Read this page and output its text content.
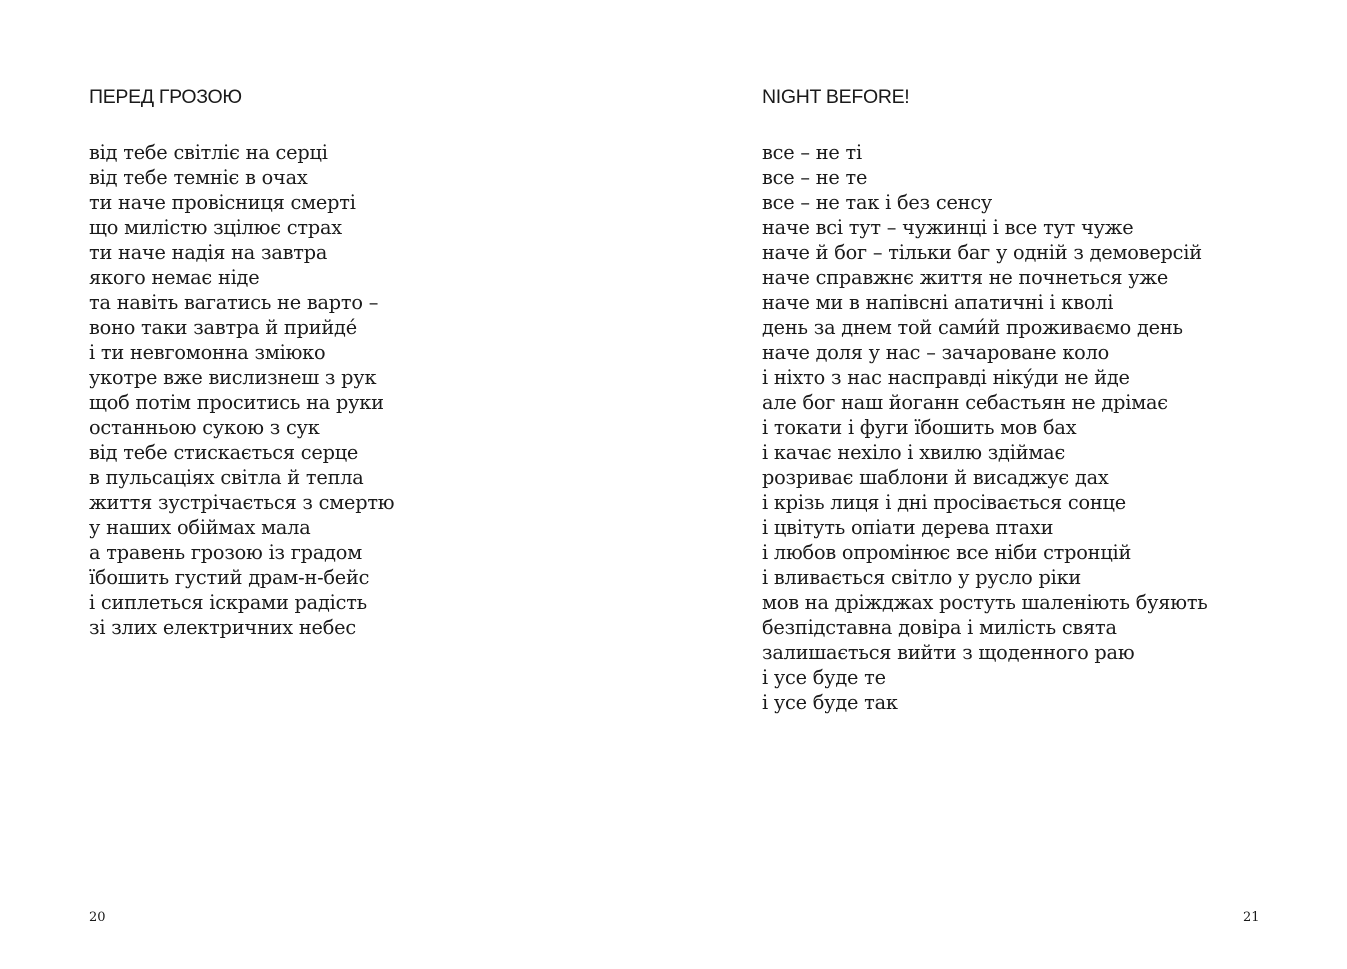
ПЕРЕД ГРОЗОЮ
від тебе світліє на серці
від тебе темніє в очах
ти наче провісниця смерті
що милістю зцілює страх
ти наче надія на завтра
якого немає ніде
та навіть вагатись не варто –
воно таки завтра й прийде́
і ти невгомонна зміюко
укотре вже вислизнеш з рук
щоб потім проситись на руки
останньою сукою з сук
від тебе стискається серце
в пульсаціях світла й тепла
життя зустрічається з смертю
у наших обіймах мала
а травень грозою із градом
їбошить густий драм-н-бейс
і сиплеться іскрами радість
зі злих електричних небес
20
NIGHT BEFORE!
все – не ті
все – не те
все – не так і без сенсу
наче всі тут – чужинці і все тут чуже
наче й бог – тільки баг у одній з демоверсій
наче справжнє життя не почнеться уже
наче ми в напівсні апатичні і кволі
день за днем той сами́й проживаємо день
наче доля у нас – зачароване коло
і ніхто з нас насправді ніку́ди не йде
але бог наш йоганн себастьян не дрімає
і токати і фуги їбошить мов бах
і качає нехіло і хвилю здіймає
розриває шаблони й висаджує дах
і крізь лиця і дні просівається сонце
і цвітуть опіати дерева птахи
і любов опромінює все ніби стронцій
і вливається світло у русло ріки
мов на дріжджах ростуть шаленіють буяють
безпідставна довіра і милість свята
залишається вийти з щоденного раю
і усе буде те
і усе буде так
21
